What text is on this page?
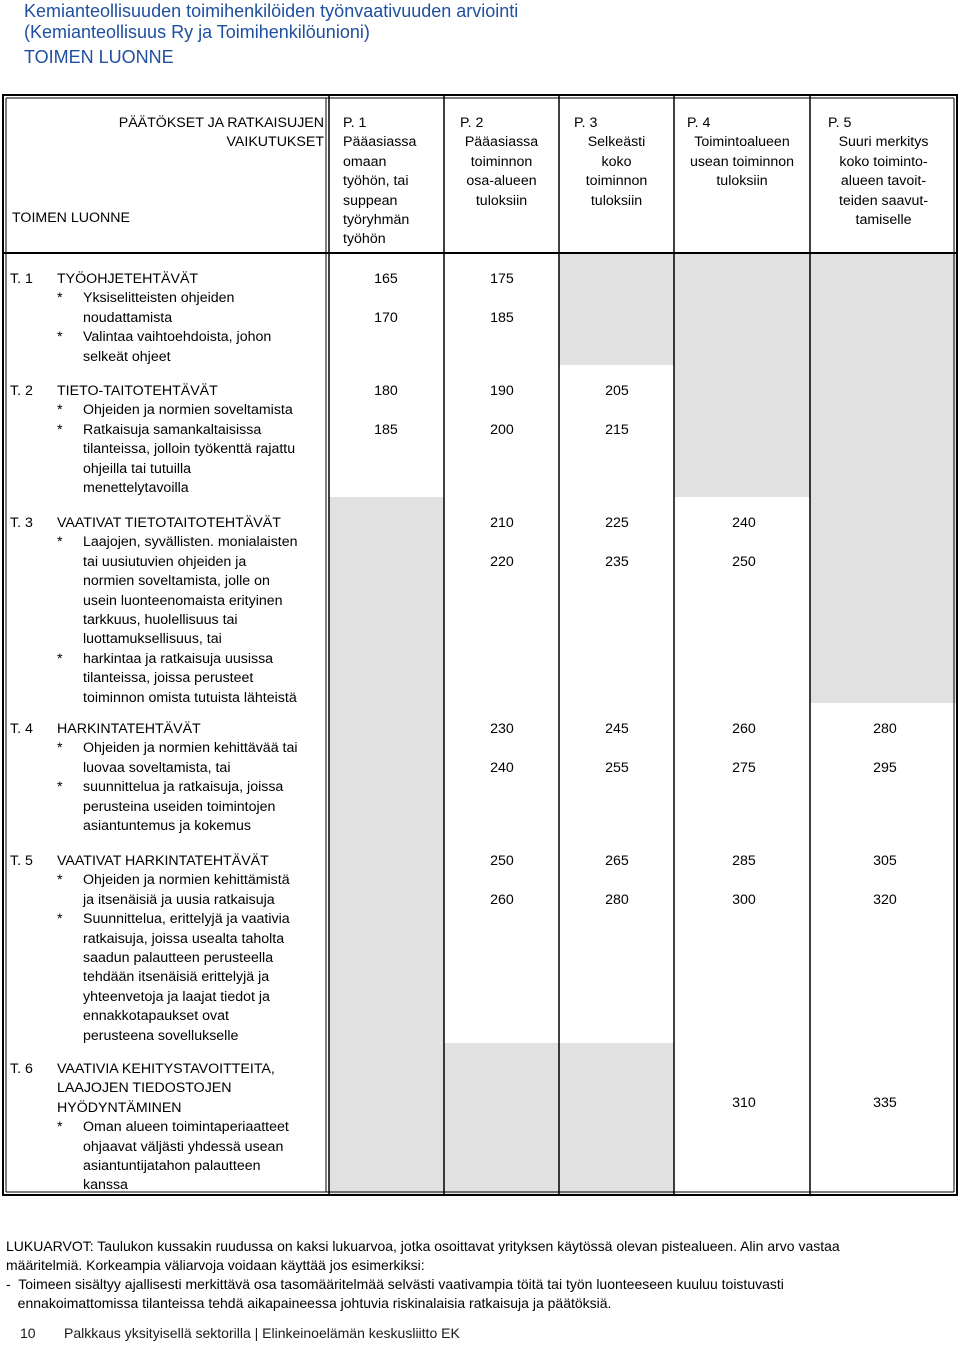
Kemianteollisuuden toimihenkilöiden työnvaativuuden arviointi
(Kemianteollisuus Ry ja Toimihenkilöunioni)
TOIMEN LUONNE
PÄÄTÖKSET JA RATKAISUJEN
VAIKUTUKSET
TOIMEN LUONNE
P. 1
Pääasiassa
omaan
työhön, tai
suppean
työryhmän
työhön
P. 2
Pääasiassa
toiminnon
osa-alueen
tuloksiin
P. 3
Selkeästi
koko
toiminnon
tuloksiin
P. 4
Toimintoalueen
usean toiminnon
tuloksiin
P. 5
Suuri merkitys
koko toiminto-
alueen tavoit-
teiden saavut-
tamiselle
T. 1 TYÖOHJETEHTÄVÄT
* Yksiselitteisten ohjeiden
noudattamista
* Valintaa vaihtoehdoista, johon
selkeät ohjeet
165
170
175
185
T. 2 TIETO-TAITOTEHTÄVÄT
* Ohjeiden ja normien soveltamista
* Ratkaisuja samankaltaisissa
tilanteissa, jolloin työkenttä rajattu
ohjeilla tai tutuilla
menettelytavoilla
180
185
190
200
205
215
T. 3 VAATIVAT TIETOTAITOTEHTÄVÄT
* Laajojen, syvällisten. monialaisten
tai uusiutuvien ohjeiden ja
normien soveltamista, jolle on
usein luonteenomaista erityinen
tarkkuus, huolellisuus tai
luottamuksellisuus, tai
* harkintaa ja ratkaisuja uusissa
tilanteissa, joissa perusteet
toiminnon omista tutuista lähteistä
210
220
225
235
240
250
T. 4 HARKINTATEHTÄVÄT
* Ohjeiden ja normien kehittävää tai
luovaa soveltamista, tai
* suunnittelua ja ratkaisuja, joissa
perusteina useiden toimintojen
asiantuntemus ja kokemus
230
240
245
255
260
275
280
295
T. 5 VAATIVAT HARKINTATEHTÄVÄT
* Ohjeiden ja normien kehittämistä
ja itsenäisiä ja uusia ratkaisuja
* Suunnittelua, erittelyjä ja vaativia
ratkaisuja, joissa usealta taholta
saadun palautteen perusteella
tehdään itsenäisiä erittelyjä ja
yhteenvetoja ja laajat tiedot ja
ennakkotapaukset ovat
perusteena sovellukselle
250
260
265
280
285
300
305
320
T. 6 VAATIVIA KEHITYSTAVOITTEITA,
LAAJOJEN TIEDOSTOJEN
HYÖDYNTÄMINEN
* Oman alueen toimintaperiaatteet
ohjaavat väljästi yhdessä usean
asiantuntijatahon palautteen
kanssa
310	335
LUKUARVOT: Taulukon kussakin ruudussa on kaksi lukuarvoa, jotka osoittavat yrityksen käytössä olevan pistealueen. Alin arvo vastaa
määritelmiä. Korkeampia väliarvoja voidaan käyttää jos esimerkiksi:
-  Toimeen sisältyy ajallisesti merkittävä osa tasomääritelmää selvästi vaativampia töitä tai työn luonteeseen kuuluu toistuvasti
ennakoimattomissa tilanteissa tehdä aikapaineessa johtuvia riskinalaisia ratkaisuja ja päätöksiä.
10 Palkkaus yksityisellä sektorilla | Elinkeinoelämän keskusliitto EK
